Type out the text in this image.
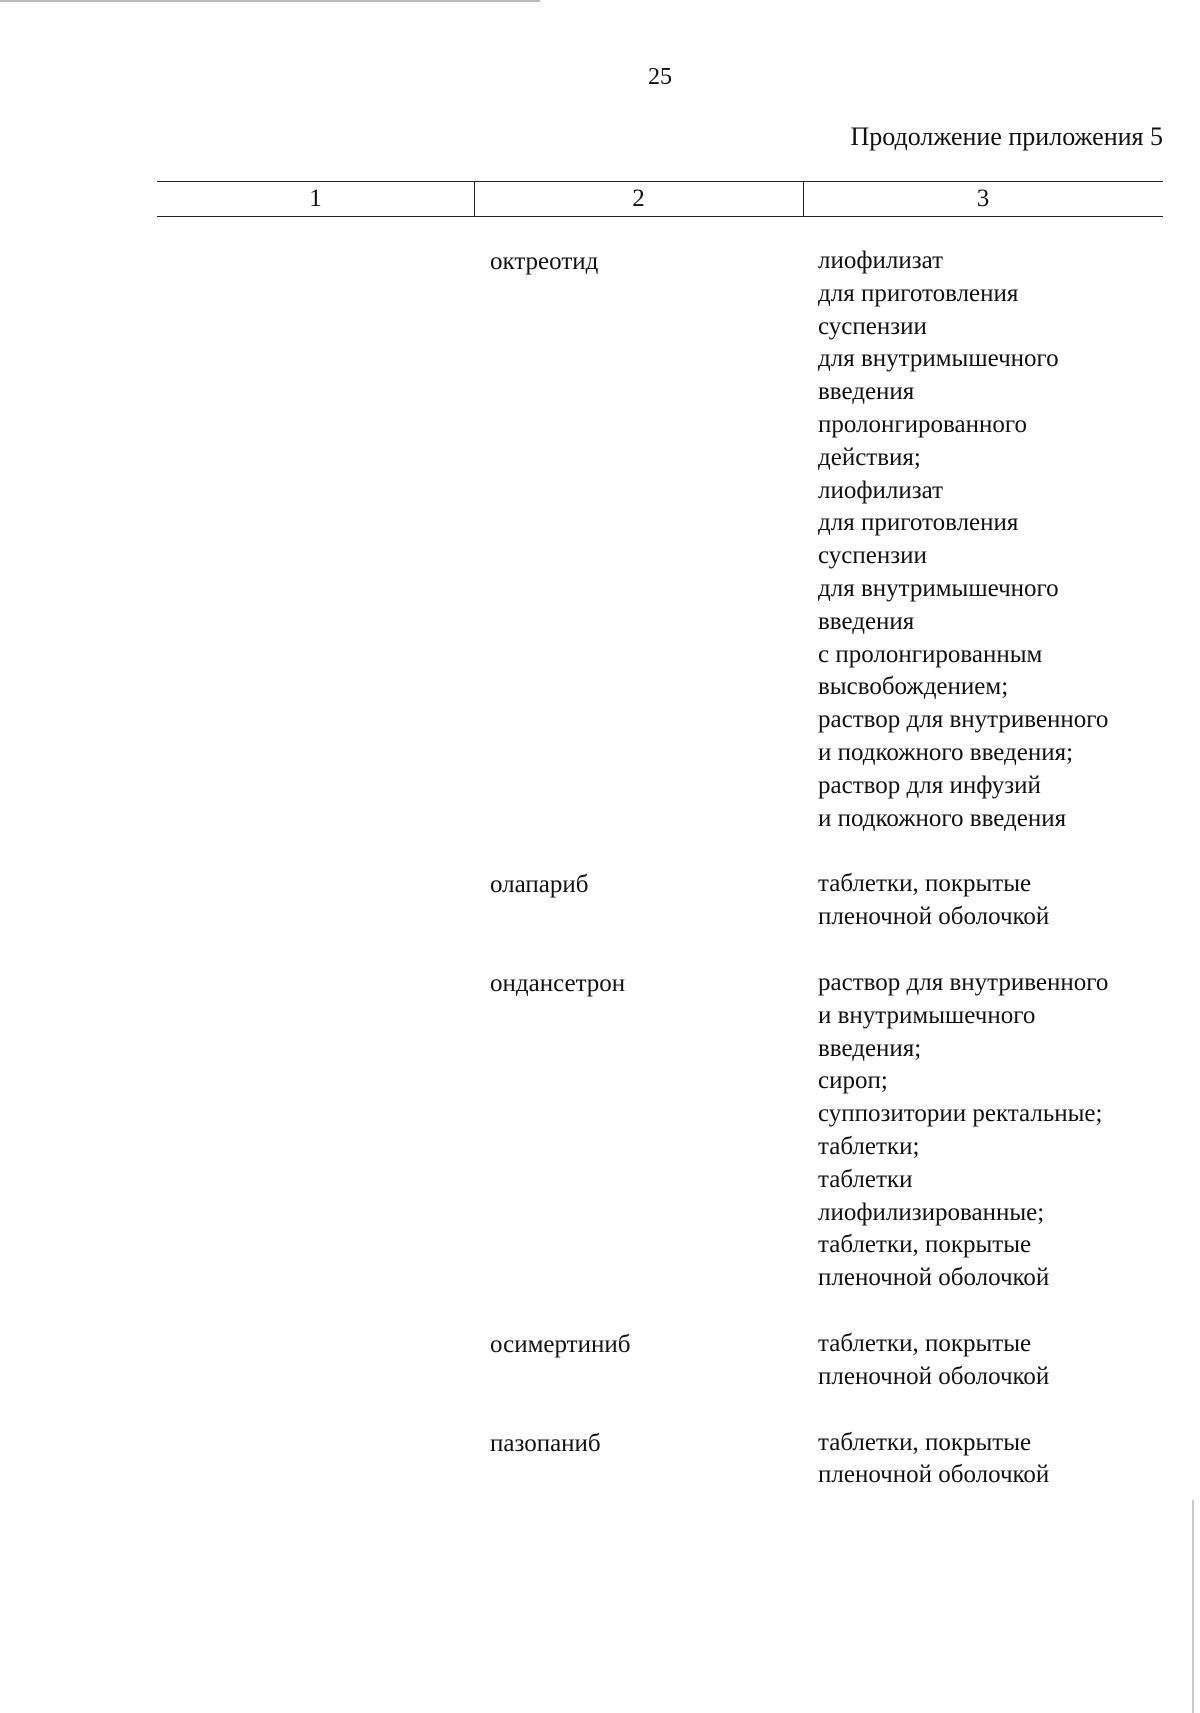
25
Продолжение приложения 5
1	2	3
октреотид	лиофилизат
для приготовления
суспензии
для внутримышечного
введения
пролонгированного
действия;
лиофилизат
для приготовления
суспензии
для внутримышечного
введения
с пролонгированным
высвобождением;
раствор для внутривенного
и подкожного введения;
раствор для инфузий
и подкожного введения
олапариб	таблетки, покрытые
пленочной оболочкой
ондансетрон	раствор для внутривенного
и внутримышечного
введения;
сироп;
суппозитории ректальные;
таблетки;
таблетки
лиофилизированные;
таблетки, покрытые
пленочной оболочкой
осимертиниб	таблетки, покрытые
пленочной оболочкой
пазопаниб	таблетки, покрытые
пленочной оболочкой
